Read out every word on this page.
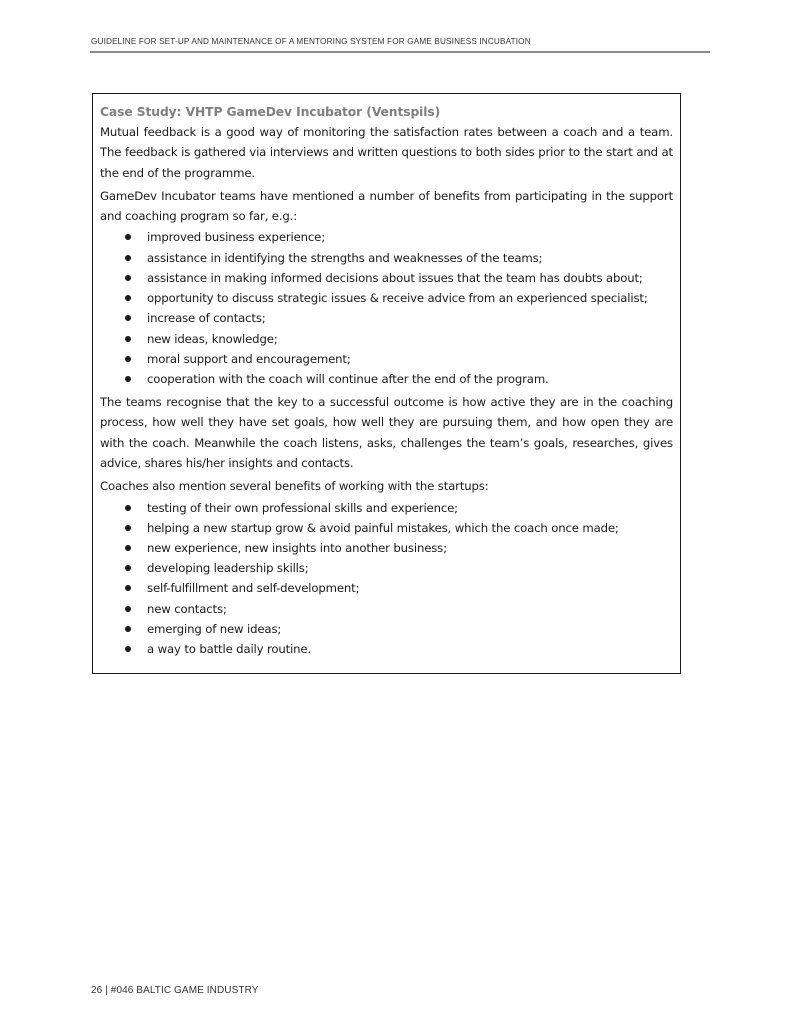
GUIDELINE FOR SET-UP AND MAINTENANCE OF A MENTORING SYSTEM FOR GAME BUSINESS INCUBATION

Case Study: VHTP GameDev Incubator (Ventspils)

Mutual feedback is a good way of monitoring the satisfaction rates between a coach and a team. The feedback is gathered via interviews and written questions to both sides prior to the start and at the end of the programme.

GameDev Incubator teams have mentioned a number of benefits from participating in the support and coaching program so far, e.g.:

improved business experience;
assistance in identifying the strengths and weaknesses of the teams;
assistance in making informed decisions about issues that the team has doubts about;
opportunity to discuss strategic issues & receive advice from an experienced specialist;
increase of contacts;
new ideas, knowledge;
moral support and encouragement;
cooperation with the coach will continue after the end of the program.

The teams recognise that the key to a successful outcome is how active they are in the coaching process, how well they have set goals, how well they are pursuing them, and how open they are with the coach. Meanwhile the coach listens, asks, challenges the team’s goals, researches, gives advice, shares his/her insights and contacts.

Coaches also mention several benefits of working with the startups:

testing of their own professional skills and experience;
helping a new startup grow & avoid painful mistakes, which the coach once made;
new experience, new insights into another business;
developing leadership skills;
self-fulfillment and self-development;
new contacts;
emerging of new ideas;
a way to battle daily routine.
26 | #046 BALTIC GAME INDUSTRY
